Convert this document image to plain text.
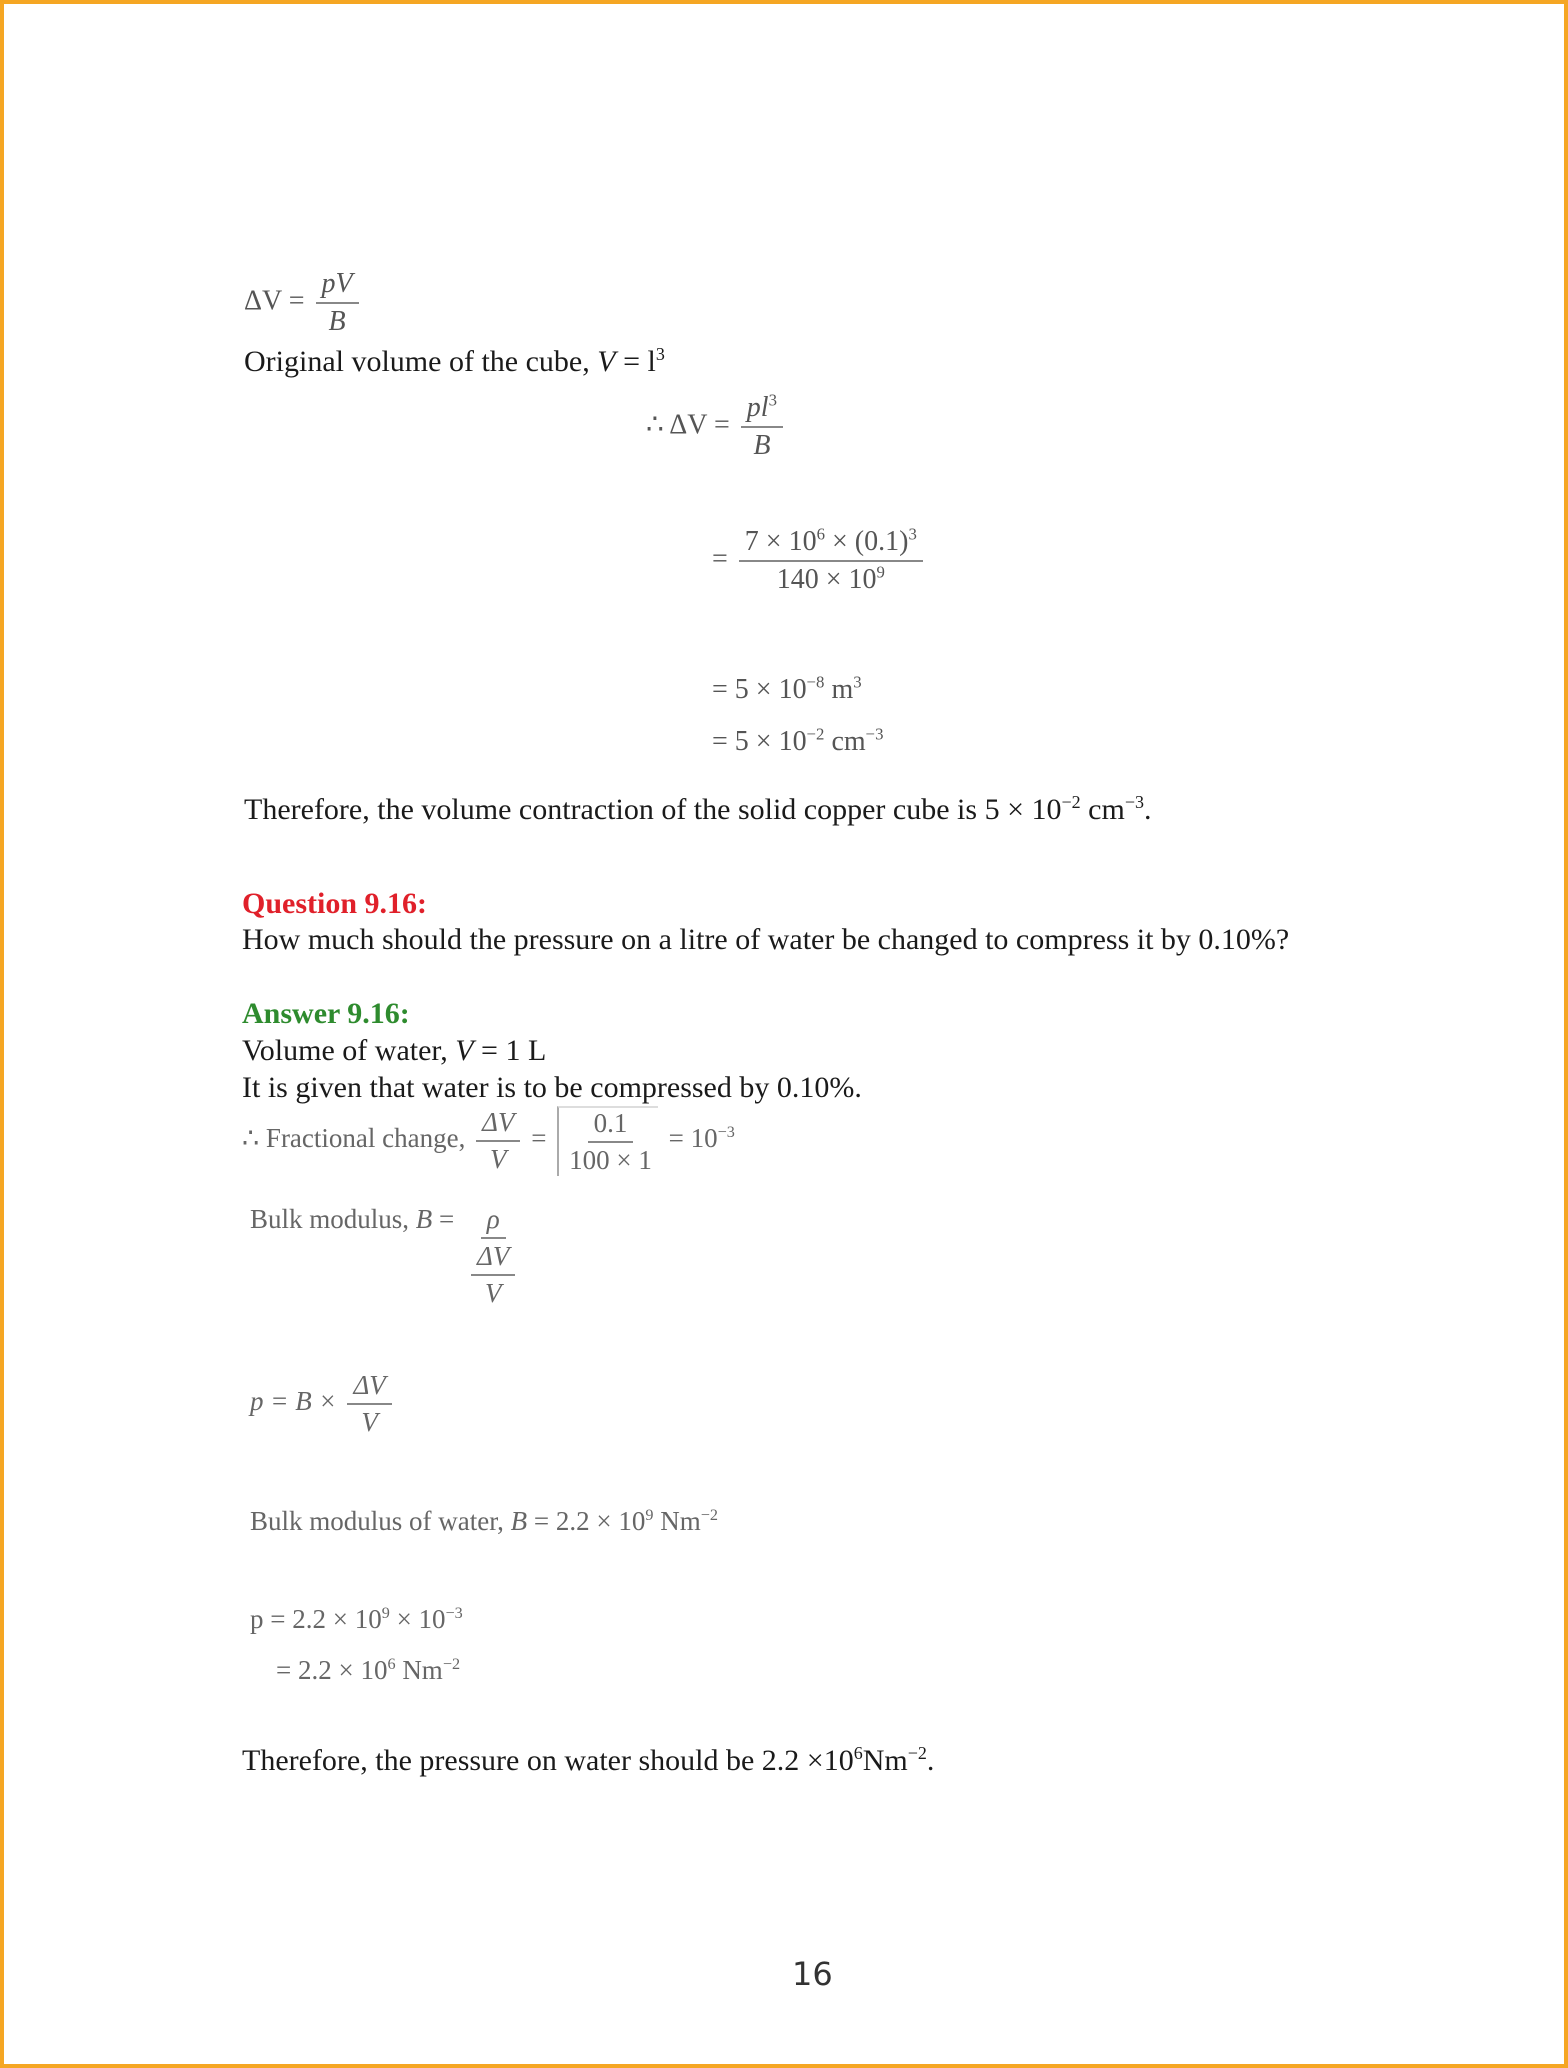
$\Delta V = \frac{pV}{B}$
Original volume of the cube, $V = l^3$
∴ $\Delta V = \frac{pl^3}{B}$
= $\frac{7 \times 10^6 \times (0.1)^3}{140 \times 10^9}$
= $5 \times 10^{-8}$ $m^3$
= $5 \times 10^{-2}$ $cm^{-3}$
Therefore, the volume contraction of the solid copper cube is $5 \times 10^{-2}$ $cm^{-3}$.
Question 9.16:
How much should the pressure on a litre of water be changed to compress it by 0.10%?
Answer 9.16:
Volume of water, V = 1 L
It is given that water is to be compressed by 0.10%.
∴ Fractional change, $\frac{\Delta V}{V} = \frac{0.1}{100 \times 1} = 10^{-3}$
Bulk modulus, $B = \frac{\rho}{\frac{\Delta V}{V}}$
$p = B \times \frac{\Delta V}{V}$
Bulk modulus of water, $B = 2.2 \times 10^9$ $Nm^{-2}$
$p = 2.2 \times 10^9 \times 10^{-3}$
= $2.2 \times 10^6$ $Nm^{-2}$
Therefore, the pressure on water should be $2.2 \times 10^6Nm^{-2}$.
16
